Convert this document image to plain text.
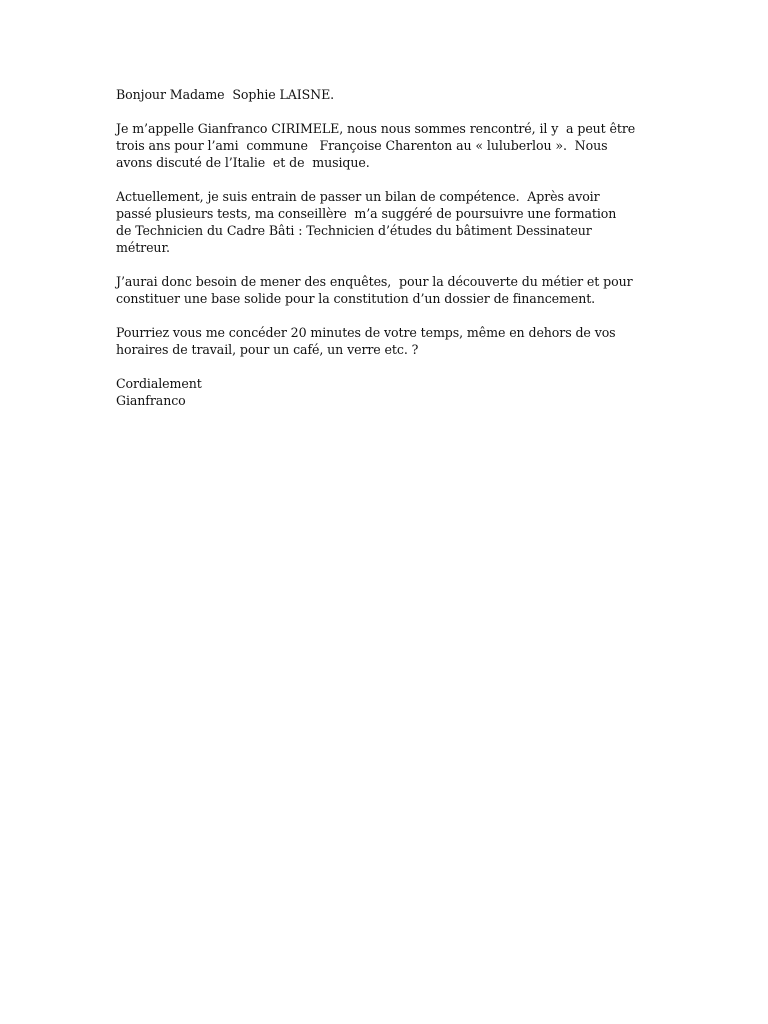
Bonjour Madame  Sophie LAISNE.

Je m’appelle Gianfranco CIRIMELE, nous nous sommes rencontré, il y  a peut être
trois ans pour l’ami  commune   Françoise Charenton au « luluberlou ».  Nous
avons discuté de l’Italie  et de  musique.

Actuellement, je suis entrain de passer un bilan de compétence.  Après avoir
passé plusieurs tests, ma conseillère  m’a suggéré de poursuivre une formation
de Technicien du Cadre Bâti : Technicien d’études du bâtiment Dessinateur
métreur.

J’aurai donc besoin de mener des enquêtes,  pour la découverte du métier et pour
constituer une base solide pour la constitution d’un dossier de financement.

Pourriez vous me concéder 20 minutes de votre temps, même en dehors de vos
horaires de travail, pour un café, un verre etc. ?

Cordialement
Gianfranco
